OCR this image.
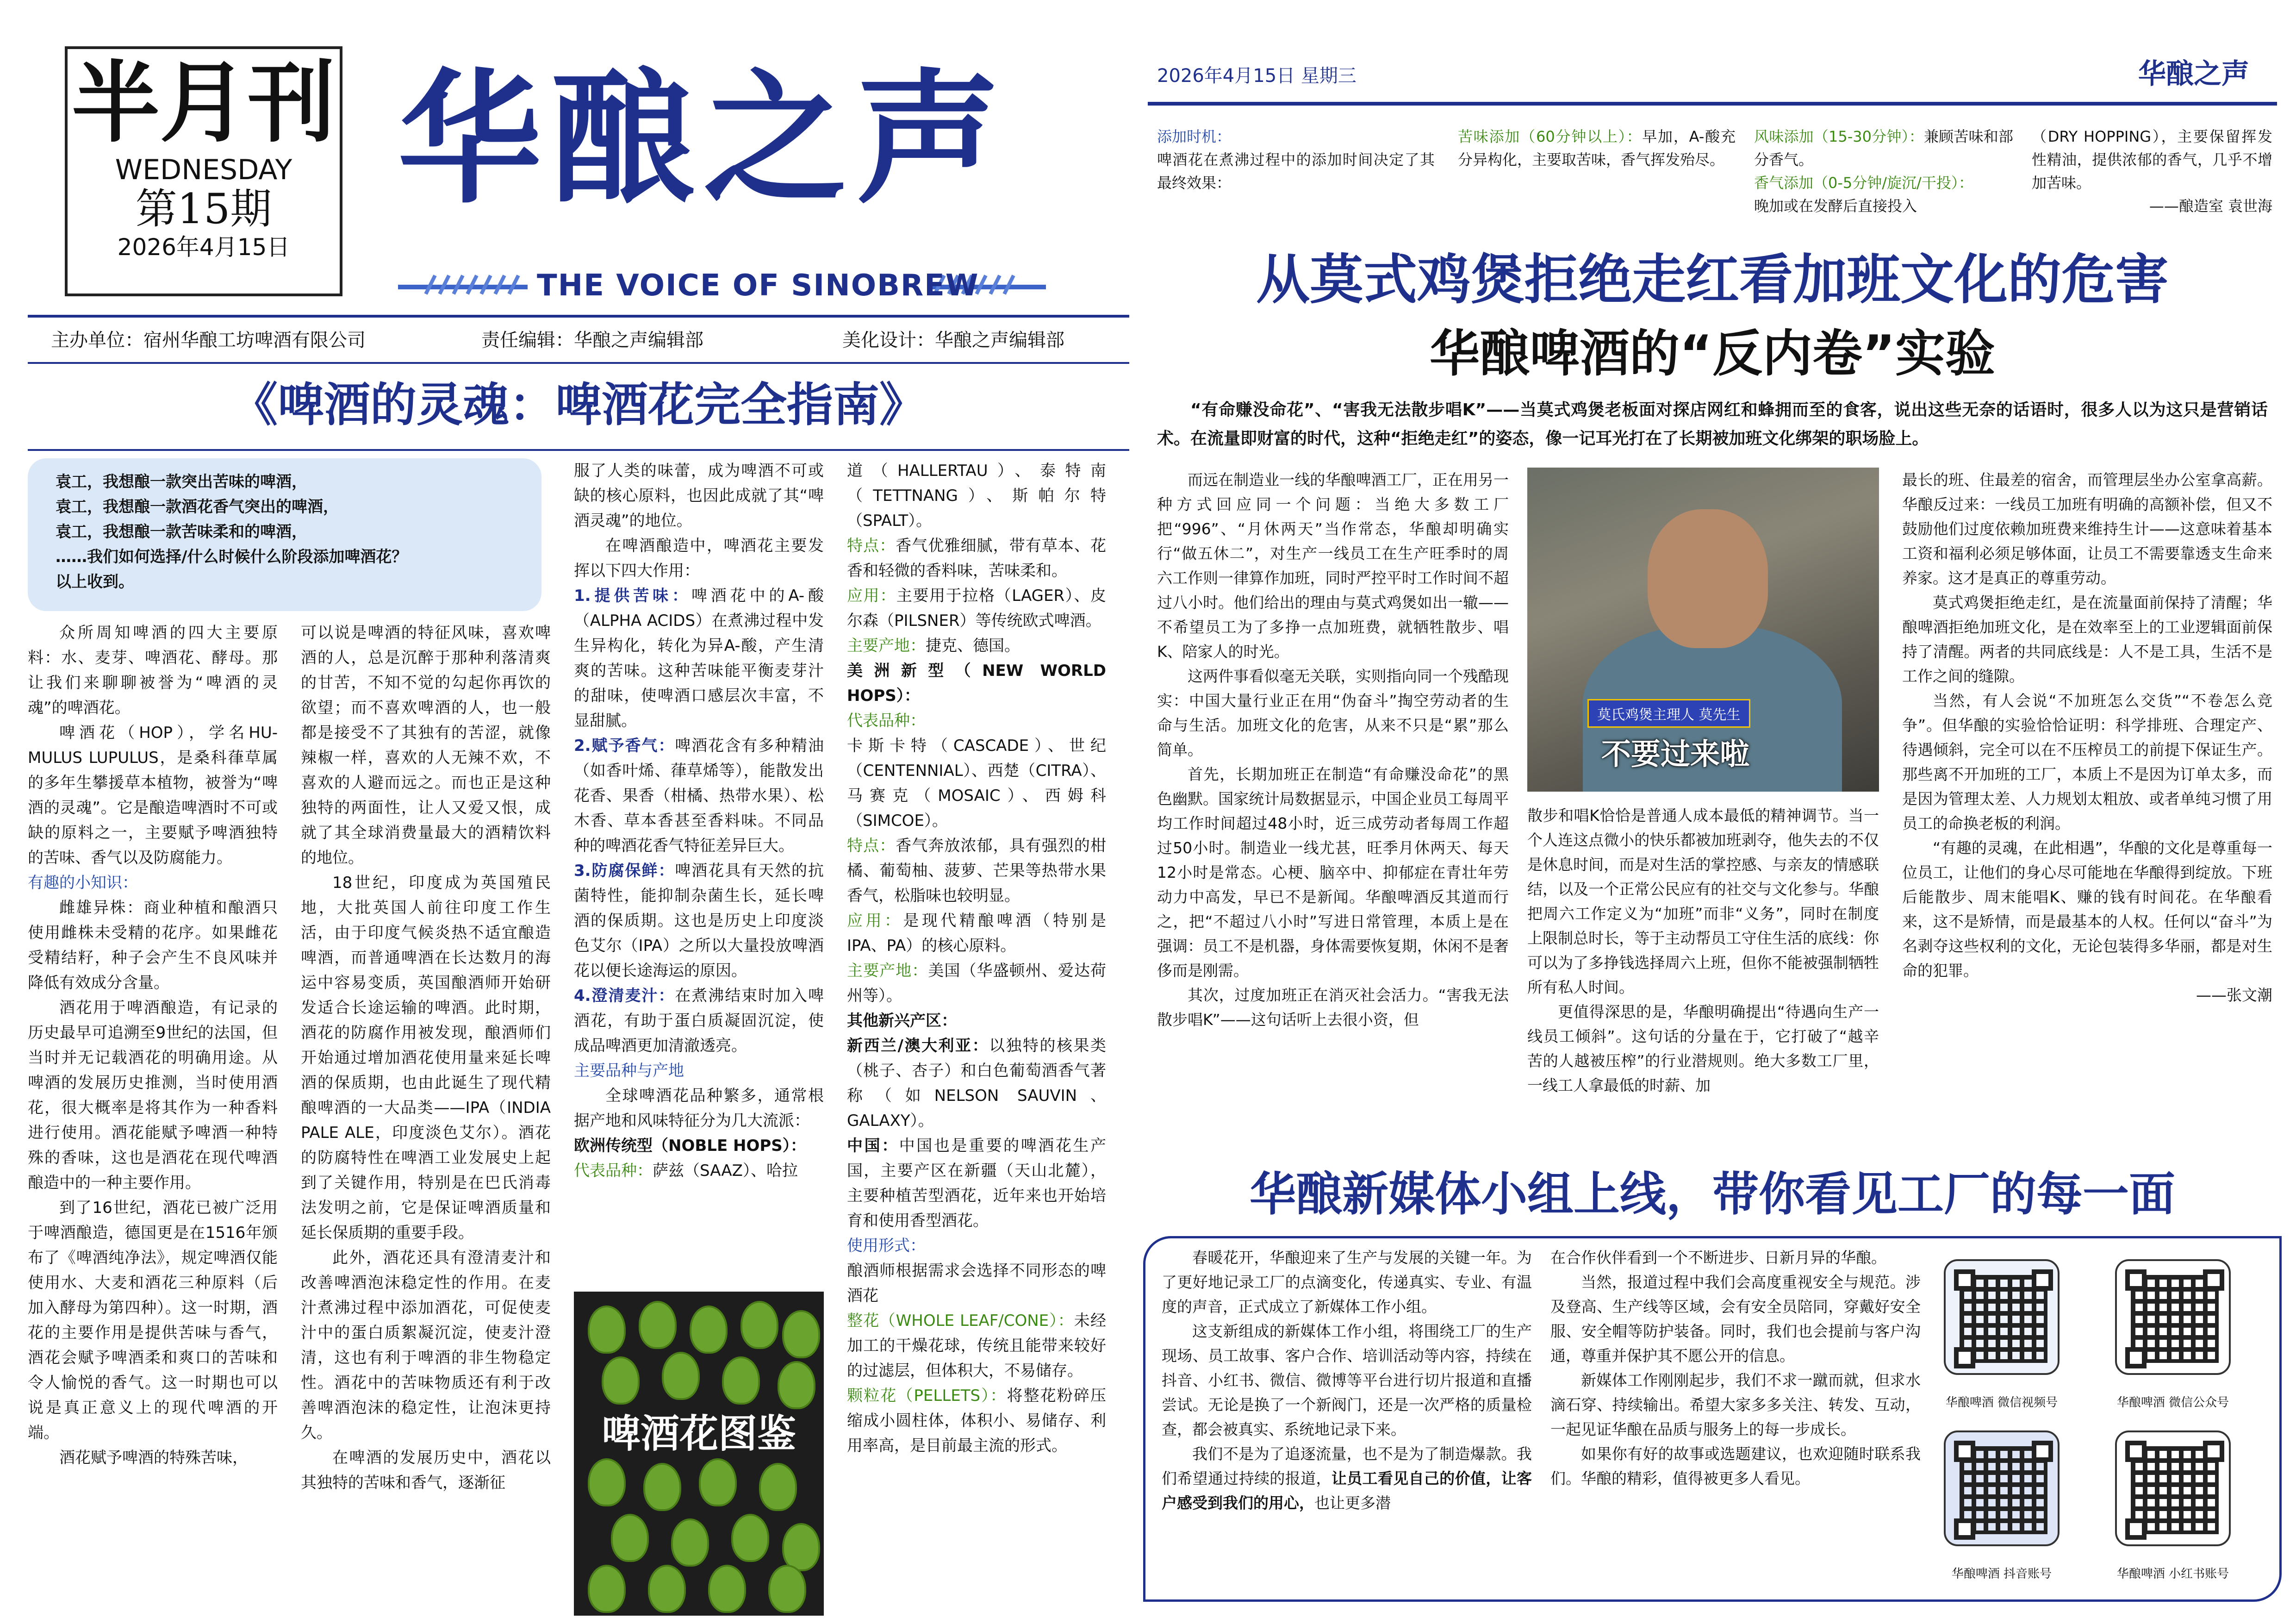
半月刊
WEDNESDAY
第15期
2026年4月15日
华酿之声
THE VOICE OF SINOBREW
主办单位：宿州华酿工坊啤酒有限公司	责任编辑：华酿之声编辑部	美化设计：华酿之声编辑部
《啤酒的灵魂：啤酒花完全指南》
袁工，我想酿一款突出苦味的啤酒，
袁工，我想酿一款酒花香气突出的啤酒，
袁工，我想酿一款苦味柔和的啤酒，
……我们如何选择/什么时候什么阶段添加啤酒花？
以上收到。

众所周知啤酒的四大主要原料：水、麦芽、啤酒花、酵母。那让我们来聊聊被誉为“啤酒的灵魂”的啤酒花。

啤酒花（HOP），学名HU-MULUS LUPULUS，是桑科葎草属的多年生攀援草本植物，被誉为“啤酒的灵魂”。它是酿造啤酒时不可或缺的原料之一，主要赋予啤酒独特的苦味、香气以及防腐能力。

有趣的小知识：

雌雄异株：商业种植和酿酒只使用雌株未受精的花序。如果雌花受精结籽，种子会产生不良风味并降低有效成分含量。

酒花用于啤酒酿造，有记录的历史最早可追溯至9世纪的法国，但当时并无记载酒花的明确用途。从啤酒的发展历史推测，当时使用酒花，很大概率是将其作为一种香料进行使用。酒花能赋予啤酒一种特殊的香味，这也是酒花在现代啤酒酿造中的一种主要作用。

到了16世纪，酒花已被广泛用于啤酒酿造，德国更是在1516年颁布了《啤酒纯净法》，规定啤酒仅能使用水、大麦和酒花三种原料（后加入酵母为第四种）。这一时期，酒花的主要作用是提供苦味与香气，酒花会赋予啤酒柔和爽口的苦味和令人愉悦的香气。这一时期也可以说是真正意义上的现代啤酒的开端。

酒花赋予啤酒的特殊苦味，

可以说是啤酒的特征风味，喜欢啤酒的人，总是沉醉于那种利落清爽的甘苦，不知不觉的勾起你再饮的欲望；而不喜欢啤酒的人，也一般都是接受不了其独有的苦涩，就像辣椒一样，喜欢的人无辣不欢，不喜欢的人避而远之。而也正是这种独特的两面性，让人又爱又恨，成就了其全球消费量最大的酒精饮料的地位。

18世纪，印度成为英国殖民地，大批英国人前往印度工作生活，由于印度气候炎热不适宜酿造啤酒，而普通啤酒在长达数月的海运中容易变质，英国酿酒师开始研发适合长途运输的啤酒。此时期，酒花的防腐作用被发现，酿酒师们开始通过增加酒花使用量来延长啤酒的保质期，也由此诞生了现代精酿啤酒的一大品类——IPA（INDIA PALE ALE，印度淡色艾尔）。酒花的防腐特性在啤酒工业发展史上起到了关键作用，特别是在巴氏消毒法发明之前，它是保证啤酒质量和延长保质期的重要手段。

此外，酒花还具有澄清麦汁和改善啤酒泡沫稳定性的作用。在麦汁煮沸过程中添加酒花，可促使麦汁中的蛋白质絮凝沉淀，使麦汁澄清，这也有利于啤酒的非生物稳定性。酒花中的苦味物质还有利于改善啤酒泡沫的稳定性，让泡沫更持久。

在啤酒的发展历史中，酒花以其独特的苦味和香气，逐渐征

服了人类的味蕾，成为啤酒不可或缺的核心原料，也因此成就了其“啤酒灵魂”的地位。

在啤酒酿造中，啤酒花主要发挥以下四大作用：

1.提供苦味：啤酒花中的A-酸（ALPHA ACIDS）在煮沸过程中发生异构化，转化为异A-酸，产生清爽的苦味。这种苦味能平衡麦芽汁的甜味，使啤酒口感层次丰富，不显甜腻。

2.赋予香气：啤酒花含有多种精油（如香叶烯、葎草烯等），能散发出花香、果香（柑橘、热带水果）、松木香、草本香甚至香料味。不同品种的啤酒花香气特征差异巨大。

3.防腐保鲜：啤酒花具有天然的抗菌特性，能抑制杂菌生长，延长啤酒的保质期。这也是历史上印度淡色艾尔（IPA）之所以大量投放啤酒花以便长途海运的原因。

4.澄清麦汁：在煮沸结束时加入啤酒花，有助于蛋白质凝固沉淀，使成品啤酒更加清澈透亮。

主要品种与产地

全球啤酒花品种繁多，通常根据产地和风味特征分为几大流派：

欧洲传统型（NOBLE HOPS）：

代表品种：萨兹（SAAZ）、哈拉

啤酒花图鉴

道（HALLERTAU）、泰特南（TETTNANG）、斯帕尔特（SPALT）。

特点：香气优雅细腻，带有草本、花香和轻微的香料味，苦味柔和。

应用：主要用于拉格（LAGER）、皮尔森（PILSNER）等传统欧式啤酒。

主要产地：捷克、德国。

美洲新型（NEW WORLD HOPS）：

代表品种：

卡斯卡特（CASCADE）、世纪（CENTENNIAL）、西楚（CITRA）、马赛克（MOSAIC）、西姆科（SIMCOE）。

特点：香气奔放浓郁，具有强烈的柑橘、葡萄柚、菠萝、芒果等热带水果香气，松脂味也较明显。

应用：是现代精酿啤酒（特别是IPA、PA）的核心原料。

主要产地：美国（华盛顿州、爱达荷州等）。

其他新兴产区：

新西兰/澳大利亚：以独特的核果类（桃子、杏子）和白色葡萄酒香气著称（如NELSON SAUVIN、GALAXY）。

中国：中国也是重要的啤酒花生产国，主要产区在新疆（天山北麓），主要种植苦型酒花，近年来也开始培育和使用香型酒花。

使用形式：

酿酒师根据需求会选择不同形态的啤酒花

整花（WHOLE LEAF/CONE）：未经加工的干燥花球，传统且能带来较好的过滤层，但体积大，不易储存。

颗粒花（PELLETS）：将整花粉碎压缩成小圆柱体，体积小、易储存、利用率高，是目前最主流的形式。

2026年4月15日 星期三	华酿之声
添加时机：
啤酒花在煮沸过程中的添加时间决定了其最终效果：

苦味添加（60分钟以上）：早加，A-酸充分异构化，主要取苦味，香气挥发殆尽。

风味添加（15-30分钟）：兼顾苦味和部分香气。

香气添加（0-5分钟/旋沉/干投）：

晚加或在发酵后直接投入

（DRY HOPPING），主要保留挥发性精油，提供浓郁的香气，几乎不增加苦味。

——酿造室 袁世海
从莫式鸡煲拒绝走红看加班文化的危害
华酿啤酒的“反内卷”实验
“有命赚没命花”、“害我无法散步唱K”——当莫式鸡煲老板面对探店网红和蜂拥而至的食客，说出这些无奈的话语时，很多人以为这只是营销话术。在流量即财富的时代，这种“拒绝走红”的姿态，像一记耳光打在了长期被加班文化绑架的职场脸上。

而远在制造业一线的华酿啤酒工厂，正在用另一种方式回应同一个问题：当绝大多数工厂把“996”、“月休两天”当作常态，华酿却明确实行“做五休二”，对生产一线员工在生产旺季时的周六工作则一律算作加班，同时严控平时工作时间不超过八小时。他们给出的理由与莫式鸡煲如出一辙——不希望员工为了多挣一点加班费，就牺牲散步、唱K、陪家人的时光。

这两件事看似毫无关联，实则指向同一个残酷现实：中国大量行业正在用“伪奋斗”掏空劳动者的生命与生活。加班文化的危害，从来不只是“累”那么简单。

首先，长期加班正在制造“有命赚没命花”的黑色幽默。国家统计局数据显示，中国企业员工每周平均工作时间超过48小时，近三成劳动者每周工作超过50小时。制造业一线尤甚，旺季月休两天、每天12小时是常态。心梗、脑卒中、抑郁症在青壮年劳动力中高发，早已不是新闻。华酿啤酒反其道而行之，把“不超过八小时”写进日常管理，本质上是在强调：员工不是机器，身体需要恢复期，休闲不是奢侈而是刚需。

其次，过度加班正在消灭社会活力。“害我无法散步唱K”——这句话听上去很小资，但

莫氏鸡煲主理人 莫先生
不要过来啦

散步和唱K恰恰是普通人成本最低的精神调节。当一个人连这点微小的快乐都被加班剥夺，他失去的不仅是休息时间，而是对生活的掌控感、与亲友的情感联结，以及一个正常公民应有的社交与文化参与。华酿把周六工作定义为“加班”而非“义务”，同时在制度上限制总时长，等于主动帮员工守住生活的底线：你可以为了多挣钱选择周六上班，但你不能被强制牺牲所有私人时间。

更值得深思的是，华酿明确提出“待遇向生产一线员工倾斜”。这句话的分量在于，它打破了“越辛苦的人越被压榨”的行业潜规则。绝大多数工厂里，一线工人拿最低的时薪、加

最长的班、住最差的宿舍，而管理层坐办公室拿高薪。华酿反过来：一线员工加班有明确的高额补偿，但又不鼓励他们过度依赖加班费来维持生计——这意味着基本工资和福利必须足够体面，让员工不需要靠透支生命来养家。这才是真正的尊重劳动。

莫式鸡煲拒绝走红，是在流量面前保持了清醒；华酿啤酒拒绝加班文化，是在效率至上的工业逻辑面前保持了清醒。两者的共同底线是：人不是工具，生活不是工作之间的缝隙。

当然，有人会说“不加班怎么交货”“不卷怎么竞争”。但华酿的实验恰恰证明：科学排班、合理定产、待遇倾斜，完全可以在不压榨员工的前提下保证生产。那些离不开加班的工厂，本质上不是因为订单太多，而是因为管理太差、人力规划太粗放、或者单纯习惯了用员工的命换老板的利润。

“有趣的灵魂，在此相遇”，华酿的文化是尊重每一位员工，让他们的身心尽可能地在华酿得到绽放。下班后能散步、周末能唱K、赚的钱有时间花。在华酿看来，这不是矫情，而是最基本的人权。任何以“奋斗”为名剥夺这些权利的文化，无论包装得多华丽，都是对生命的犯罪。

——张文潮
华酿新媒体小组上线，带你看见工厂的每一面

春暖花开，华酿迎来了生产与发展的关键一年。为了更好地记录工厂的点滴变化，传递真实、专业、有温度的声音，正式成立了新媒体工作小组。

这支新组成的新媒体工作小组，将围绕工厂的生产现场、员工故事、客户合作、培训活动等内容，持续在抖音、小红书、微信、微博等平台进行切片报道和直播尝试。无论是换了一个新阀门，还是一次严格的质量检查，都会被真实、系统地记录下来。

我们不是为了追逐流量，也不是为了制造爆款。我们希望通过持续的报道，让员工看见自己的价值，让客户感受到我们的用心，也让更多潜

在合作伙伴看到一个不断进步、日新月异的华酿。

当然，报道过程中我们会高度重视安全与规范。涉及登高、生产线等区域，会有安全员陪同，穿戴好安全服、安全帽等防护装备。同时，我们也会提前与客户沟通，尊重并保护其不愿公开的信息。

新媒体工作刚刚起步，我们不求一蹴而就，但求水滴石穿、持续输出。希望大家多多关注、转发、互动，一起见证华酿在品质与服务上的每一步成长。

如果你有好的故事或选题建议，也欢迎随时联系我们。华酿的精彩，值得被更多人看见。

华酿啤酒 微信视频号	华酿啤酒 微信公众号
华酿啤酒 抖音账号	华酿啤酒 小红书账号
